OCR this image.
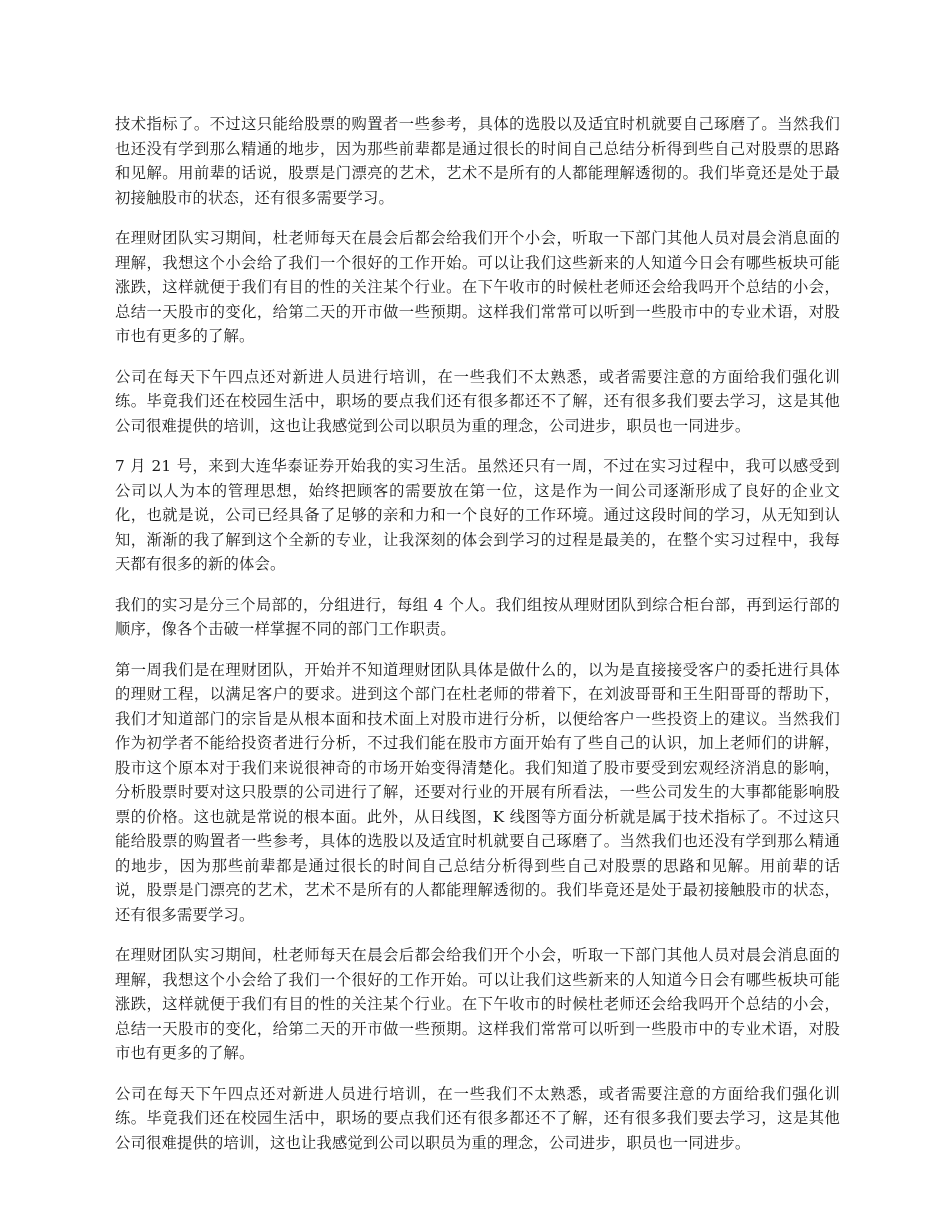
技术指标了。不过这只能给股票的购置者一些参考，具体的选股以及适宜时机就要自己琢磨了。当然我们也还没有学到那么精通的地步，因为那些前辈都是通过很长的时间自己总结分析得到些自己对股票的思路和见解。用前辈的话说，股票是门漂亮的艺术，艺术不是所有的人都能理解透彻的。我们毕竟还是处于最初接触股市的状态，还有很多需要学习。

在理财团队实习期间，杜老师每天在晨会后都会给我们开个小会，听取一下部门其他人员对晨会消息面的理解，我想这个小会给了我们一个很好的工作开始。可以让我们这些新来的人知道今日会有哪些板块可能涨跌，这样就便于我们有目的性的关注某个行业。在下午收市的时候杜老师还会给我吗开个总结的小会，总结一天股市的变化，给第二天的开市做一些预期。这样我们常常可以听到一些股市中的专业术语，对股市也有更多的了解。

公司在每天下午四点还对新进人员进行培训，在一些我们不太熟悉，或者需要注意的方面给我们强化训练。毕竟我们还在校园生活中，职场的要点我们还有很多都还不了解，还有很多我们要去学习，这是其他公司很难提供的培训，这也让我感觉到公司以职员为重的理念，公司进步，职员也一同进步。

7 月 21 号，来到大连华泰证券开始我的实习生活。虽然还只有一周，不过在实习过程中，我可以感受到公司以人为本的管理思想，始终把顾客的需要放在第一位，这是作为一间公司逐渐形成了良好的企业文化，也就是说，公司已经具备了足够的亲和力和一个良好的工作环境。通过这段时间的学习，从无知到认知，渐渐的我了解到这个全新的专业，让我深刻的体会到学习的过程是最美的，在整个实习过程中，我每天都有很多的新的体会。

我们的实习是分三个局部的，分组进行，每组 4 个人。我们组按从理财团队到综合柜台部，再到运行部的顺序，像各个击破一样掌握不同的部门工作职责。

第一周我们是在理财团队，开始并不知道理财团队具体是做什么的，以为是直接接受客户的委托进行具体的理财工程，以满足客户的要求。进到这个部门在杜老师的带着下，在刘波哥哥和王生阳哥哥的帮助下，我们才知道部门的宗旨是从根本面和技术面上对股市进行分析，以便给客户一些投资上的建议。当然我们作为初学者不能给投资者进行分析，不过我们能在股市方面开始有了些自己的认识，加上老师们的讲解，股市这个原本对于我们来说很神奇的市场开始变得清楚化。我们知道了股市要受到宏观经济消息的影响，分析股票时要对这只股票的公司进行了解，还要对行业的开展有所看法，一些公司发生的大事都能影响股票的价格。这也就是常说的根本面。此外，从日线图，K 线图等方面分析就是属于技术指标了。不过这只能给股票的购置者一些参考，具体的选股以及适宜时机就要自己琢磨了。当然我们也还没有学到那么精通的地步，因为那些前辈都是通过很长的时间自己总结分析得到些自己对股票的思路和见解。用前辈的话说，股票是门漂亮的艺术，艺术不是所有的人都能理解透彻的。我们毕竟还是处于最初接触股市的状态，还有很多需要学习。

在理财团队实习期间，杜老师每天在晨会后都会给我们开个小会，听取一下部门其他人员对晨会消息面的理解，我想这个小会给了我们一个很好的工作开始。可以让我们这些新来的人知道今日会有哪些板块可能涨跌，这样就便于我们有目的性的关注某个行业。在下午收市的时候杜老师还会给我吗开个总结的小会，总结一天股市的变化，给第二天的开市做一些预期。这样我们常常可以听到一些股市中的专业术语，对股市也有更多的了解。

公司在每天下午四点还对新进人员进行培训，在一些我们不太熟悉，或者需要注意的方面给我们强化训练。毕竟我们还在校园生活中，职场的要点我们还有很多都还不了解，还有很多我们要去学习，这是其他公司很难提供的培训，这也让我感觉到公司以职员为重的理念，公司进步，职员也一同进步。
